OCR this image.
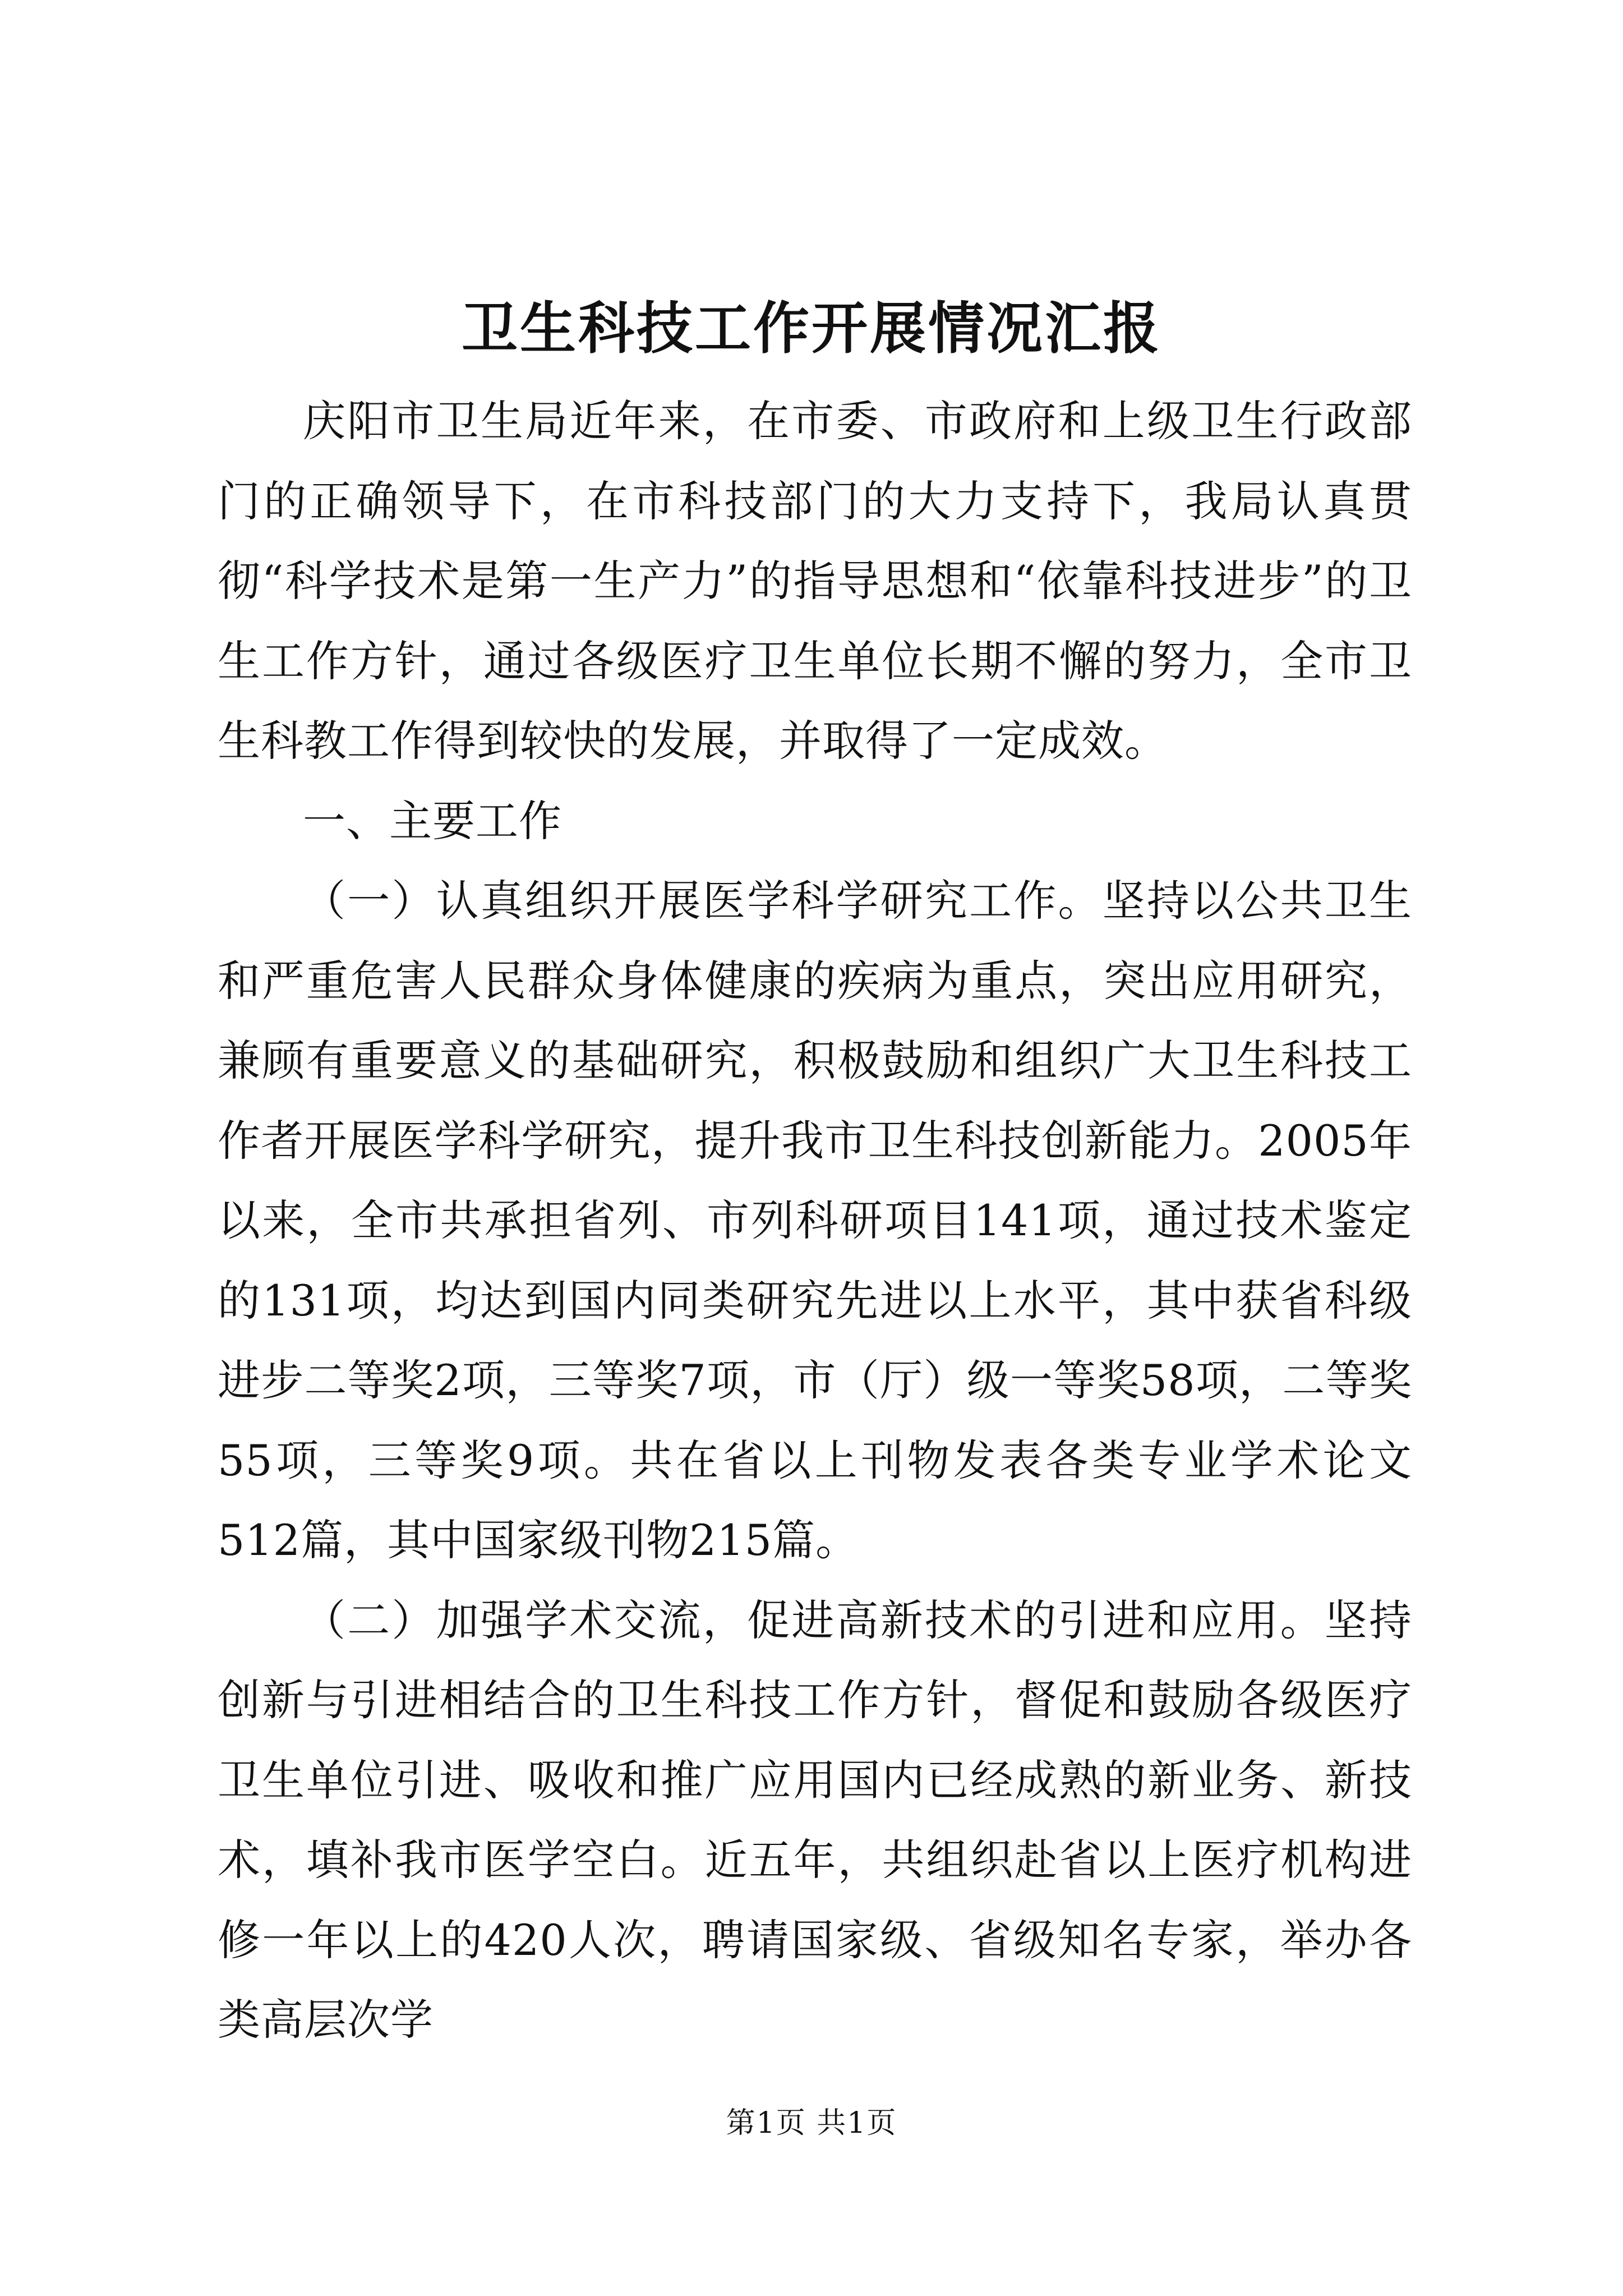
卫生科技工作开展情况汇报

庆阳市卫生局近年来，在市委、市政府和上级卫生行政部门的正确领导下，在市科技部门的大力支持下，我局认真贯彻“科学技术是第一生产力”的指导思想和“依靠科技进步”的卫生工作方针，通过各级医疗卫生单位长期不懈的努力，全市卫生科教工作得到较快的发展，并取得了一定成效。

一、主要工作

（一）认真组织开展医学科学研究工作。坚持以公共卫生和严重危害人民群众身体健康的疾病为重点，突出应用研究，兼顾有重要意义的基础研究，积极鼓励和组织广大卫生科技工作者开展医学科学研究，提升我市卫生科技创新能力。2005年以来，全市共承担省列、市列科研项目141项，通过技术鉴定的131项，均达到国内同类研究先进以上水平，其中获省科级进步二等奖2项，三等奖7项，市（厅）级一等奖58项，二等奖55项，三等奖9项。共在省以上刊物发表各类专业学术论文512篇，其中国家级刊物215篇。

（二）加强学术交流，促进高新技术的引进和应用。坚持创新与引进相结合的卫生科技工作方针，督促和鼓励各级医疗卫生单位引进、吸收和推广应用国内已经成熟的新业务、新技术，填补我市医学空白。近五年，共组织赴省以上医疗机构进修一年以上的420人次，聘请国家级、省级知名专家，举办各类高层次学

第1页 共1页
